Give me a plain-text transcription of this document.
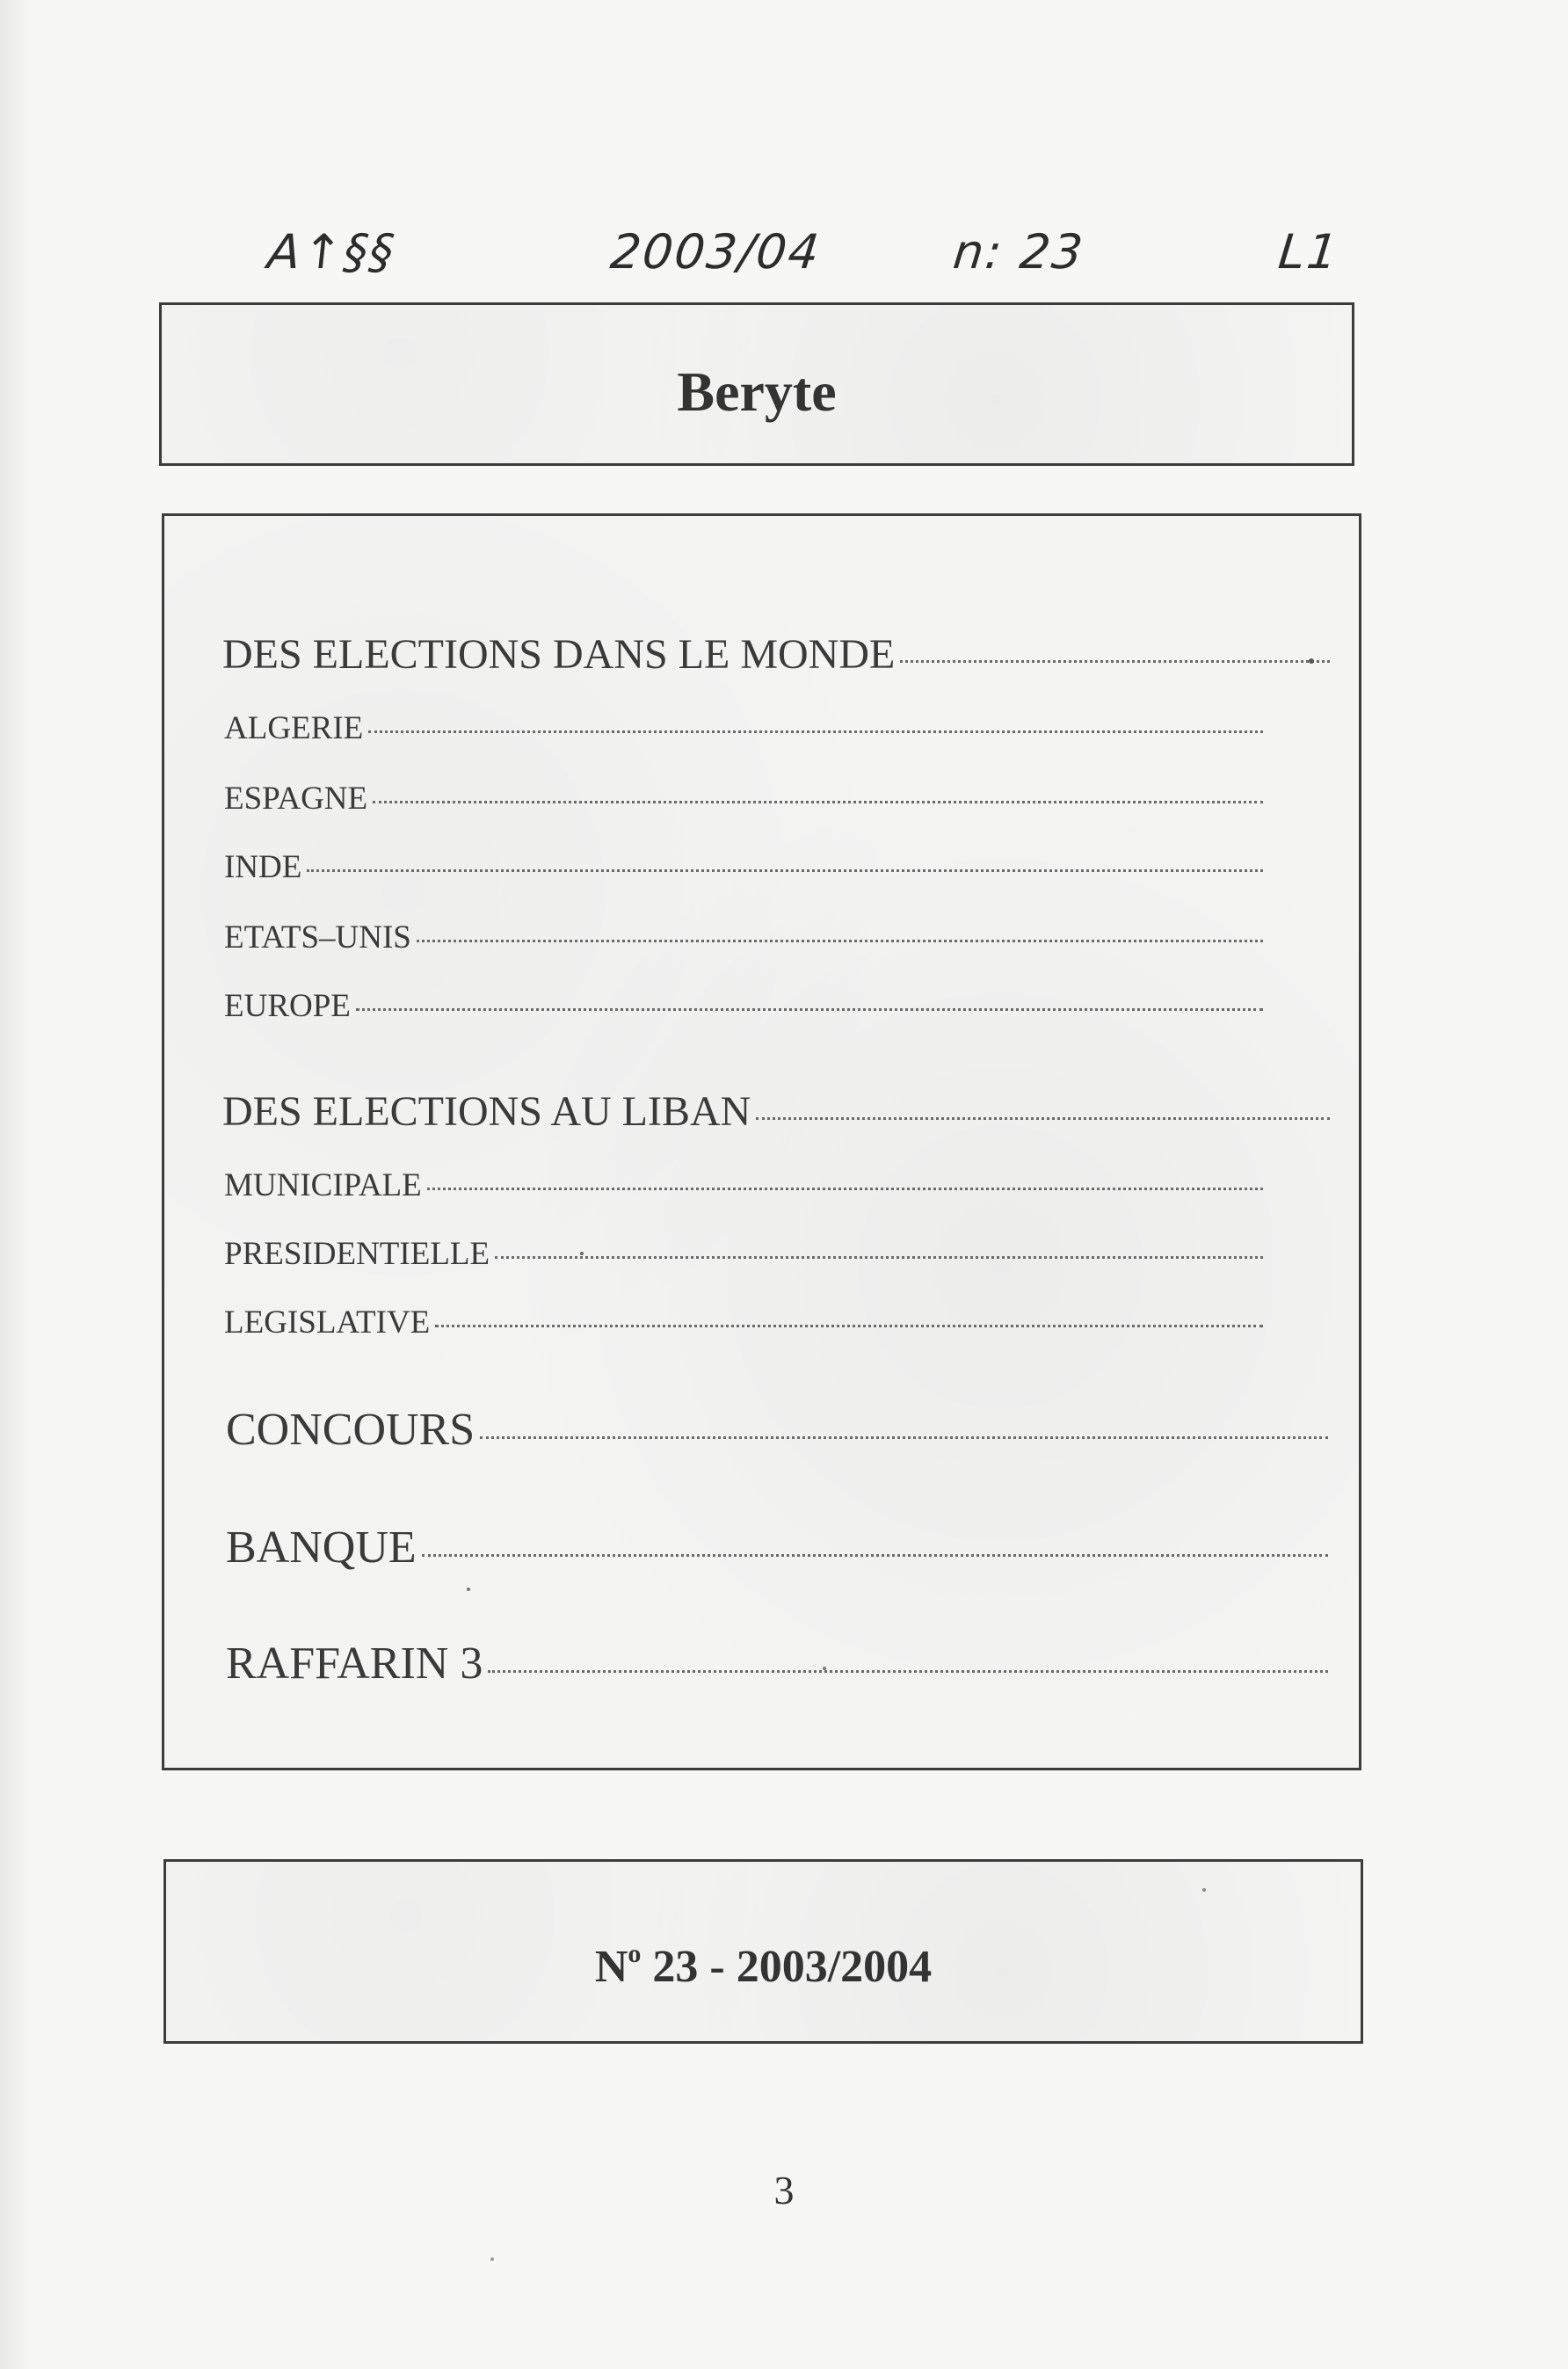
A↑§§	2003/04	n: 23	L1
Beryte
DES ELECTIONS DANS LE MONDE
ALGERIE
ESPAGNE
INDE
ETATS–UNIS
EUROPE
DES ELECTIONS AU LIBAN
MUNICIPALE
PRESIDENTIELLE
LEGISLATIVE
CONCOURS
BANQUE
RAFFARIN 3
$N^o$ 23 - 2003/2004
3
